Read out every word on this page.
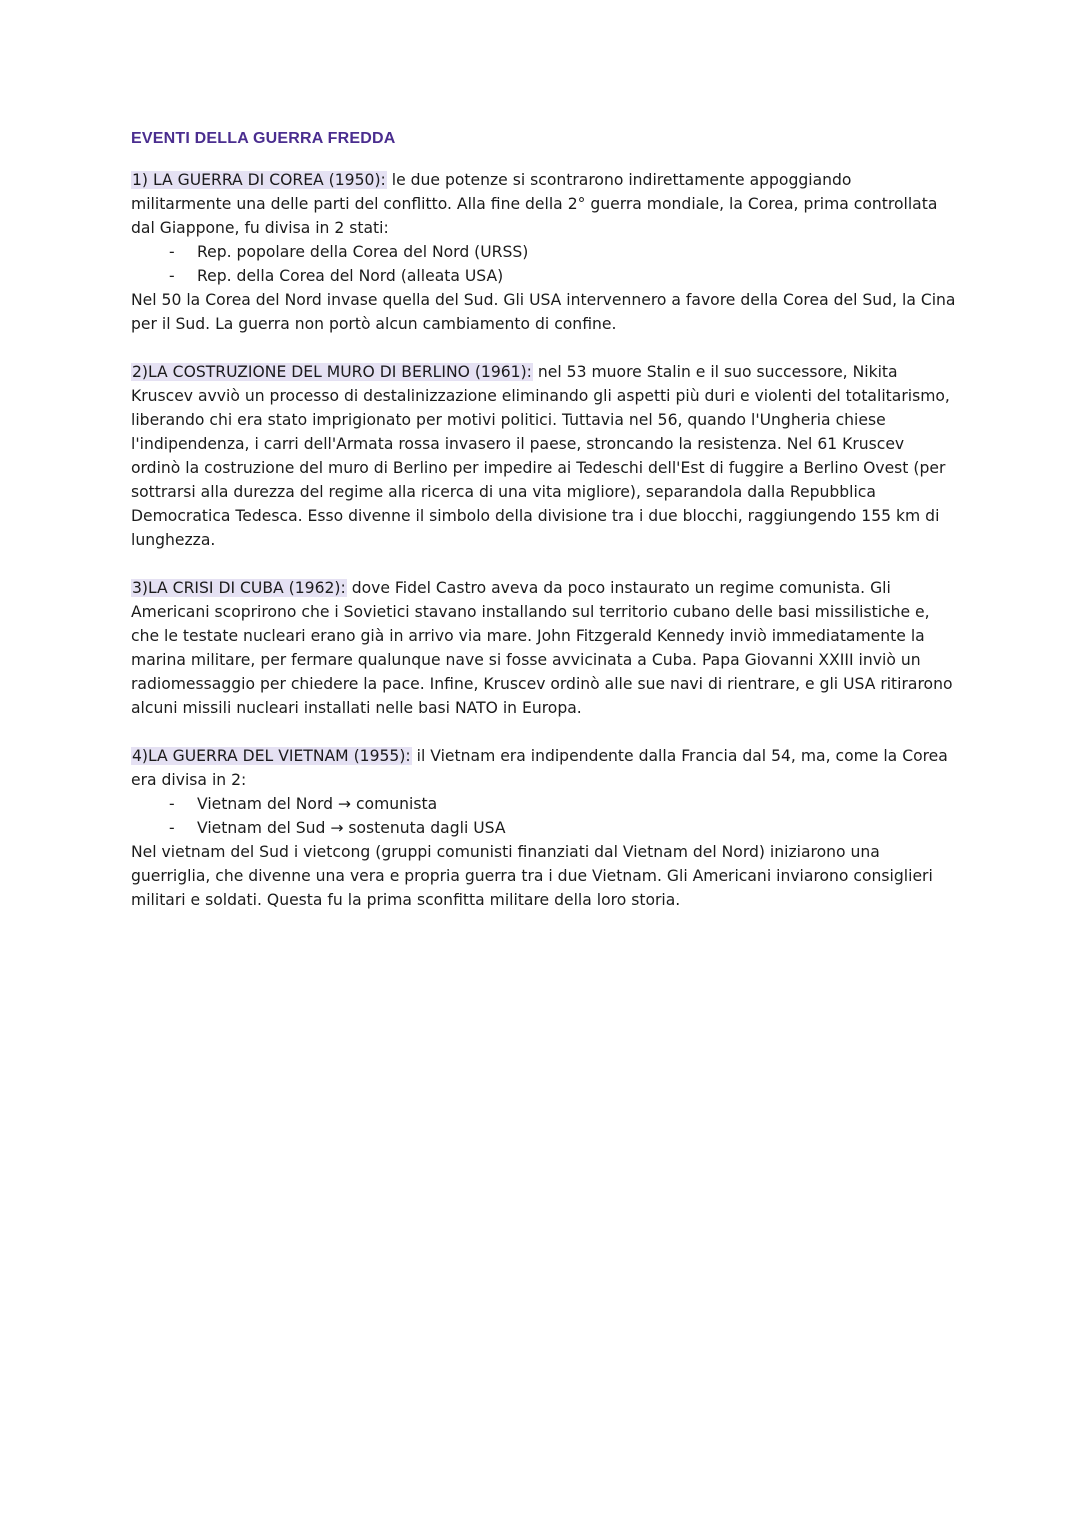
EVENTI DELLA GUERRA FREDDA

1) LA GUERRA DI COREA (1950): le due potenze si scontrarono indirettamente appoggiando militarmente una delle parti del conflitto. Alla fine della 2° guerra mondiale, la Corea, prima controllata dal Giappone, fu divisa in 2 stati:

- Rep. popolare della Corea del Nord (URSS)
- Rep. della Corea del Nord (alleata USA)

Nel 50 la Corea del Nord invase quella del Sud. Gli USA intervennero a favore della Corea del Sud, la Cina per il Sud. La guerra non portò alcun cambiamento di confine.

2)LA COSTRUZIONE DEL MURO DI BERLINO (1961): nel 53 muore Stalin e il suo successore, Nikita Kruscev avviò un processo di destalinizzazione eliminando gli aspetti più duri e violenti del totalitarismo, liberando chi era stato imprigionato per motivi politici. Tuttavia nel 56, quando l'Ungheria chiese l'indipendenza, i carri dell'Armata rossa invasero il paese, stroncando la resistenza. Nel 61 Kruscev ordinò la costruzione del muro di Berlino per impedire ai Tedeschi dell'Est di fuggire a Berlino Ovest (per sottrarsi alla durezza del regime alla ricerca di una vita migliore), separandola dalla Repubblica Democratica Tedesca. Esso divenne il simbolo della divisione tra i due blocchi, raggiungendo 155 km di lunghezza.

3)LA CRISI DI CUBA (1962): dove Fidel Castro aveva da poco instaurato un regime comunista. Gli Americani scoprirono che i Sovietici stavano installando sul territorio cubano delle basi missilistiche e, che le testate nucleari erano già in arrivo via mare. John Fitzgerald Kennedy inviò immediatamente la marina militare, per fermare qualunque nave si fosse avvicinata a Cuba. Papa Giovanni XXIII inviò un radiomessaggio per chiedere la pace. Infine, Kruscev ordinò alle sue navi di rientrare, e gli USA ritirarono alcuni missili nucleari installati nelle basi NATO in Europa.

4)LA GUERRA DEL VIETNAM (1955): il Vietnam era indipendente dalla Francia dal 54, ma, come la Corea era divisa in 2:

- Vietnam del Nord → comunista
- Vietnam del Sud → sostenuta dagli USA

Nel vietnam del Sud i vietcong (gruppi comunisti finanziati dal Vietnam del Nord) iniziarono una guerriglia, che divenne una vera e propria guerra tra i due Vietnam. Gli Americani inviarono consiglieri militari e soldati. Questa fu la prima sconfitta militare della loro storia.
